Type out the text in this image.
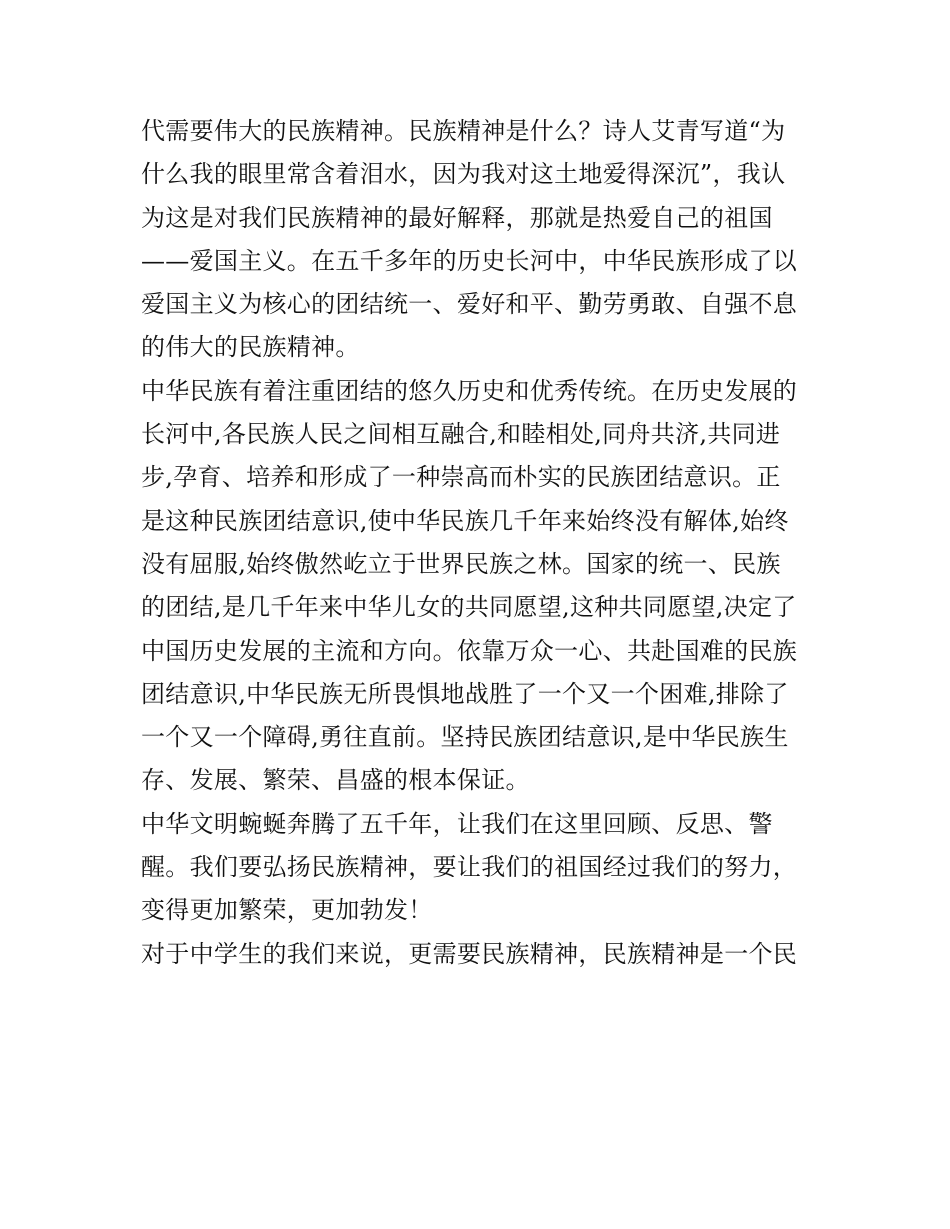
代需要伟大的民族精神。民族精神是什么？诗人艾青写道“为
什么我的眼里常含着泪水，因为我对这土地爱得深沉”，我认
为这是对我们民族精神的最好解释，那就是热爱自己的祖国
——爱国主义。在五千多年的历史长河中，中华民族形成了以
爱国主义为核心的团结统一、爱好和平、勤劳勇敢、自强不息
的伟大的民族精神。
中华民族有着注重团结的悠久历史和优秀传统。在历史发展的
长河中,各民族人民之间相互融合,和睦相处,同舟共济,共同进
步,孕育、培养和形成了一种崇高而朴实的民族团结意识。正
是这种民族团结意识,使中华民族几千年来始终没有解体,始终
没有屈服,始终傲然屹立于世界民族之林。国家的统一、民族
的团结,是几千年来中华儿女的共同愿望,这种共同愿望,决定了
中国历史发展的主流和方向。依靠万众一心、共赴国难的民族
团结意识,中华民族无所畏惧地战胜了一个又一个困难,排除了
一个又一个障碍,勇往直前。坚持民族团结意识,是中华民族生
存、发展、繁荣、昌盛的根本保证。
中华文明蜿蜒奔腾了五千年，让我们在这里回顾、反思、警
醒。我们要弘扬民族精神，要让我们的祖国经过我们的努力，
变得更加繁荣，更加勃发！
对于中学生的我们来说，更需要民族精神，民族精神是一个民
